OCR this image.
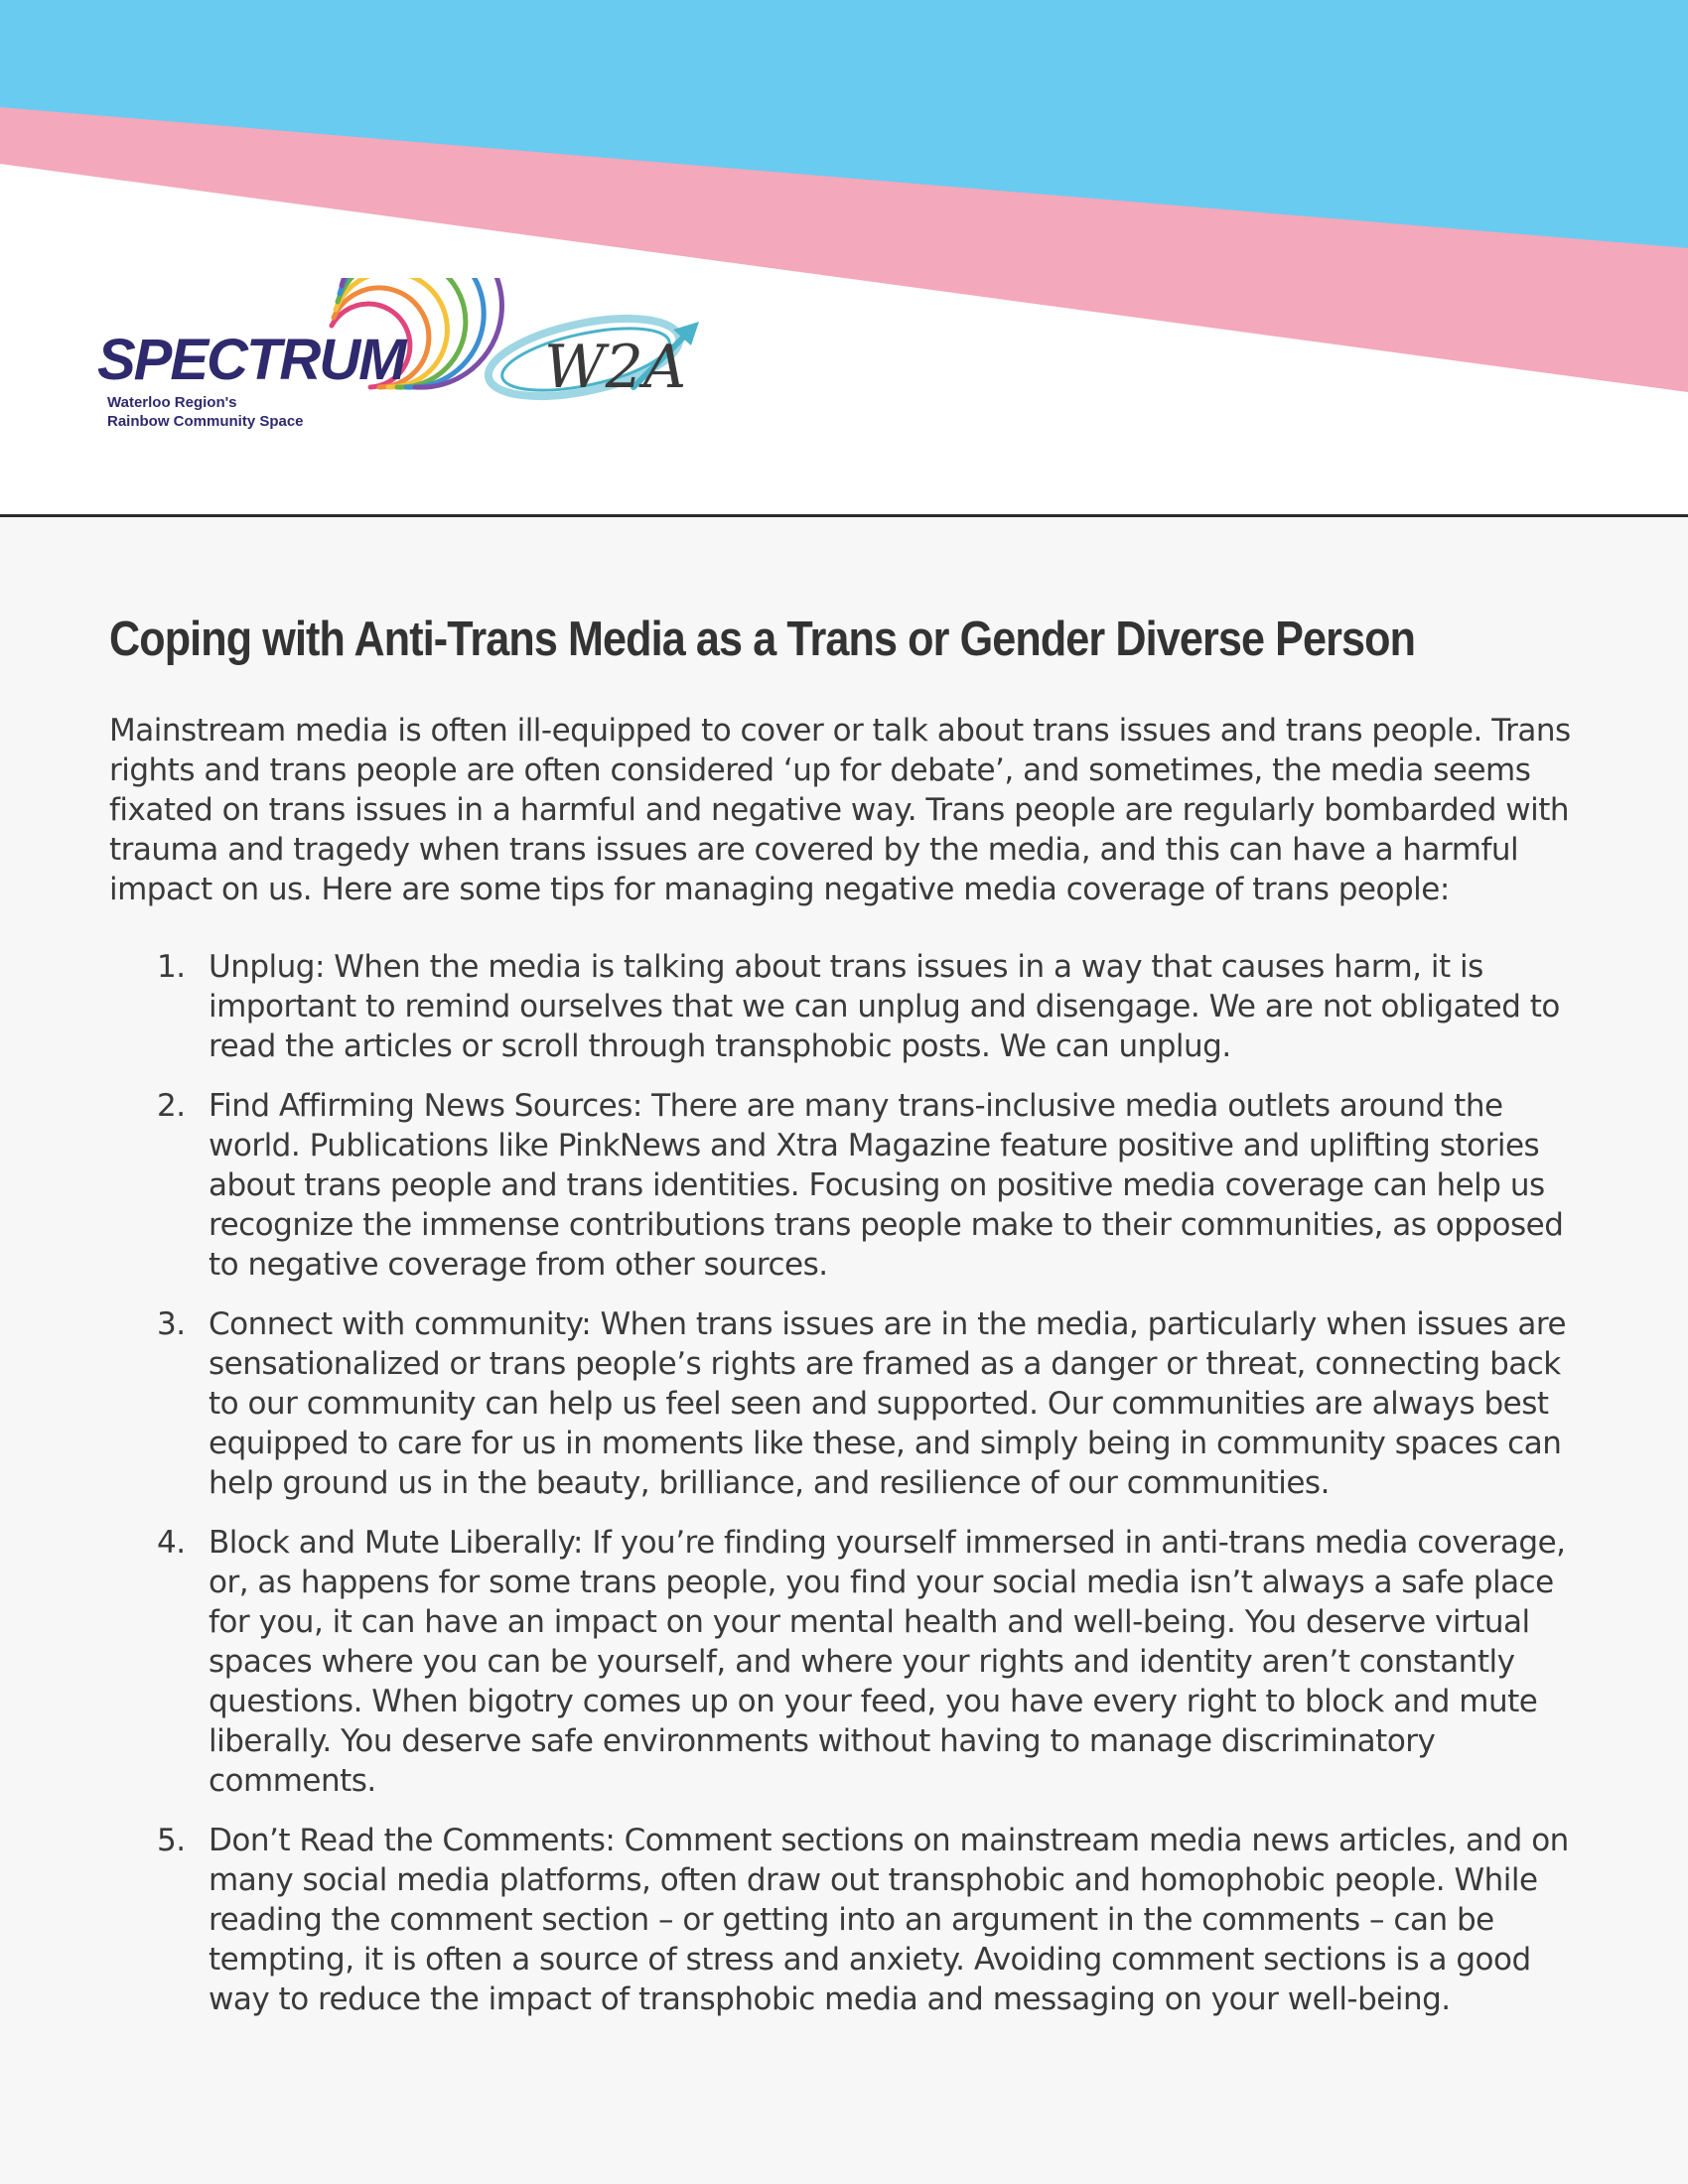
SPECTRUM
Waterloo Region's
Rainbow Community Space
W2A
Coping with Anti-Trans Media as a Trans or Gender Diverse Person

Mainstream media is often ill-equipped to cover or talk about trans issues and trans people. Trans rights and trans people are often considered ‘up for debate’, and sometimes, the media seems fixated on trans issues in a harmful and negative way. Trans people are regularly bombarded with trauma and tragedy when trans issues are covered by the media, and this can have a harmful impact on us. Here are some tips for managing negative media coverage of trans people:

1. Unplug: When the media is talking about trans issues in a way that causes harm, it is important to remind ourselves that we can unplug and disengage. We are not obligated to read the articles or scroll through transphobic posts. We can unplug.
2. Find Affirming News Sources: There are many trans-inclusive media outlets around the world. Publications like PinkNews and Xtra Magazine feature positive and uplifting stories about trans people and trans identities. Focusing on positive media coverage can help us recognize the immense contributions trans people make to their communities, as opposed to negative coverage from other sources.
3. Connect with community: When trans issues are in the media, particularly when issues are sensationalized or trans people’s rights are framed as a danger or threat, connecting back to our community can help us feel seen and supported. Our communities are always best equipped to care for us in moments like these, and simply being in community spaces can help ground us in the beauty, brilliance, and resilience of our communities.
4. Block and Mute Liberally: If you’re finding yourself immersed in anti-trans media coverage, or, as happens for some trans people, you find your social media isn’t always a safe place for you, it can have an impact on your mental health and well-being. You deserve virtual spaces where you can be yourself, and where your rights and identity aren’t constantly questions. When bigotry comes up on your feed, you have every right to block and mute liberally. You deserve safe environments without having to manage discriminatory comments.
5. Don’t Read the Comments: Comment sections on mainstream media news articles, and on many social media platforms, often draw out transphobic and homophobic people. While reading the comment section – or getting into an argument in the comments – can be tempting, it is often a source of stress and anxiety. Avoiding comment sections is a good way to reduce the impact of transphobic media and messaging on your well-being.
